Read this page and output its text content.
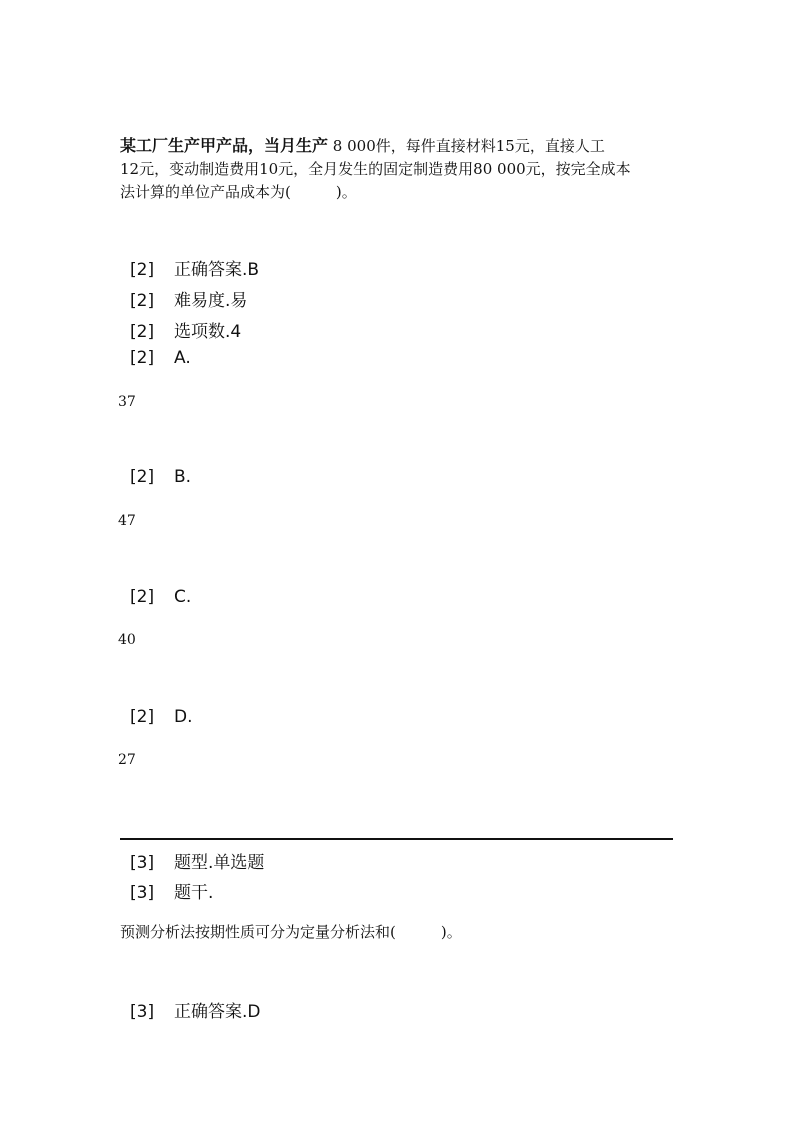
某工厂生产甲产品，当月生产 8 000件，每件直接材料15元，直接人工
12元，变动制造费用10元，全月发生的固定制造费用80 000元，按完全成本
法计算的单位产品成本为(　　　)。
[2] 正确答案.B
[2] 难易度.易
[2] 选项数.4
[2] A.
37
[2] B.
47
[2] C.
40
[2] D.
27
[3] 题型.单选题
[3] 题干.
预测分析法按期性质可分为定量分析法和(　　　)。
[3] 正确答案.D
